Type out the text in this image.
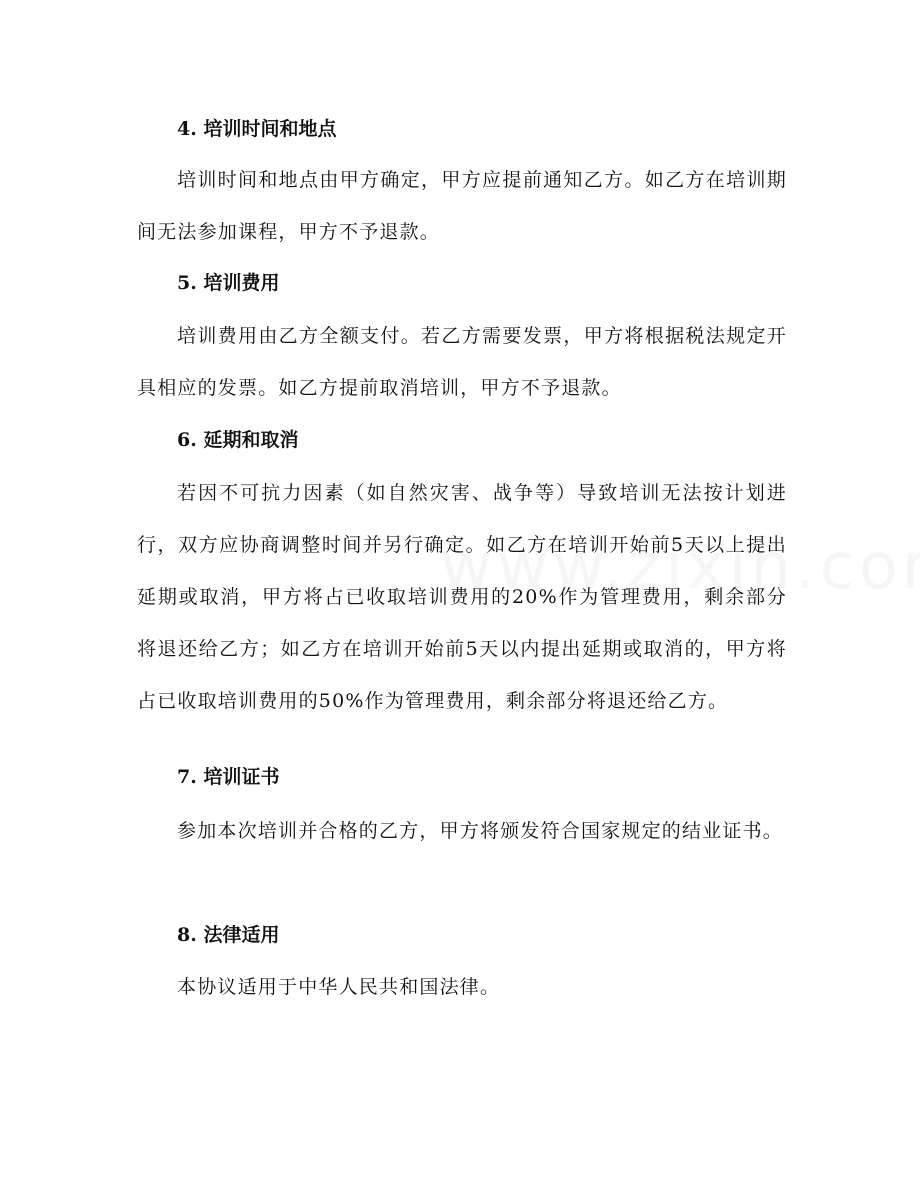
4. 培训时间和地点
培训时间和地点由甲方确定，甲方应提前通知乙方。如乙方在培训期间无法参加课程，甲方不予退款。
5. 培训费用
培训费用由乙方全额支付。若乙方需要发票，甲方将根据税法规定开具相应的发票。如乙方提前取消培训，甲方不予退款。
6. 延期和取消
若因不可抗力因素（如自然灾害、战争等）导致培训无法按计划进行，双方应协商调整时间并另行确定。如乙方在培训开始前5天以上提出延期或取消，甲方将占已收取培训费用的20%作为管理费用，剩余部分将退还给乙方；如乙方在培训开始前5天以内提出延期或取消的，甲方将占已收取培训费用的50%作为管理费用，剩余部分将退还给乙方。
7. 培训证书
参加本次培训并合格的乙方，甲方将颁发符合国家规定的结业证书。
8. 法律适用
本协议适用于中华人民共和国法律。
